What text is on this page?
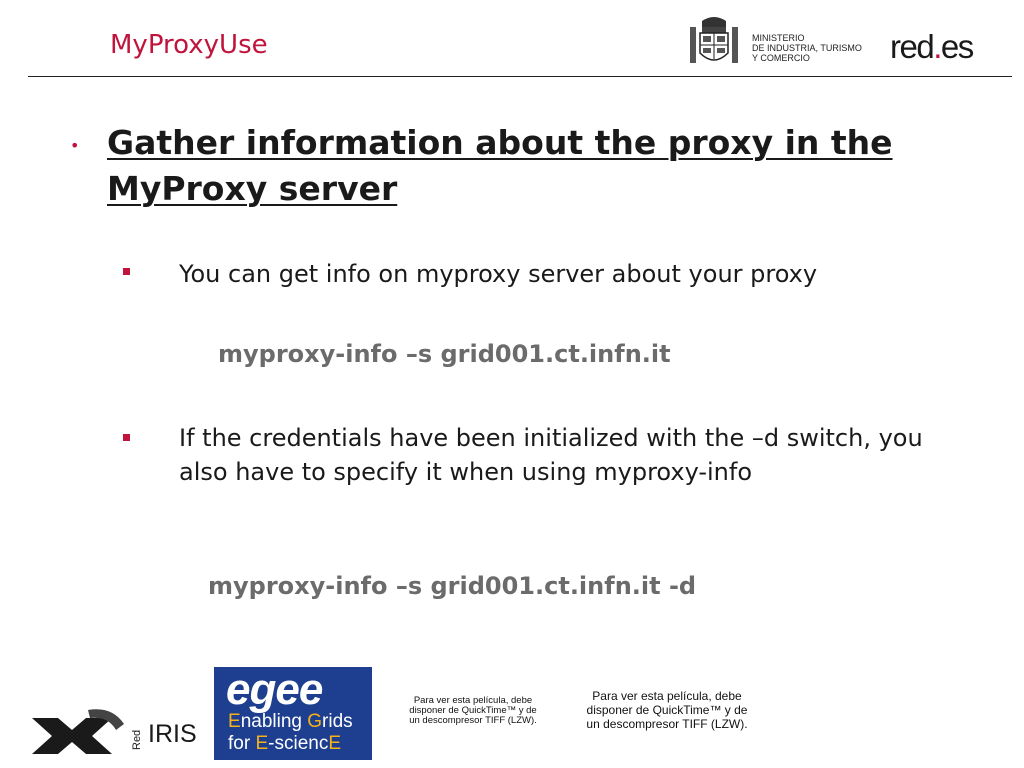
MyProxyUse	MINISTERIO
DE INDUSTRIA, TURISMO
Y COMERCIO	red.es
• Gather information about the proxy in the MyProxy server
You can get info on myproxy server about your proxy
myproxy-info –s grid001.ct.infn.it
If the credentials have been initialized with the –d switch, you also have to specify it when using myproxy-info
myproxy-info –s grid001.ct.infn.it -d
Red IRIS
egee
Enabling Grids
for E-sciencE
Para ver esta película, debe
disponer de QuickTime™ y de
un descompresor TIFF (LZW).
Para ver esta película, debe
disponer de QuickTime™ y de
un descompresor TIFF (LZW).
